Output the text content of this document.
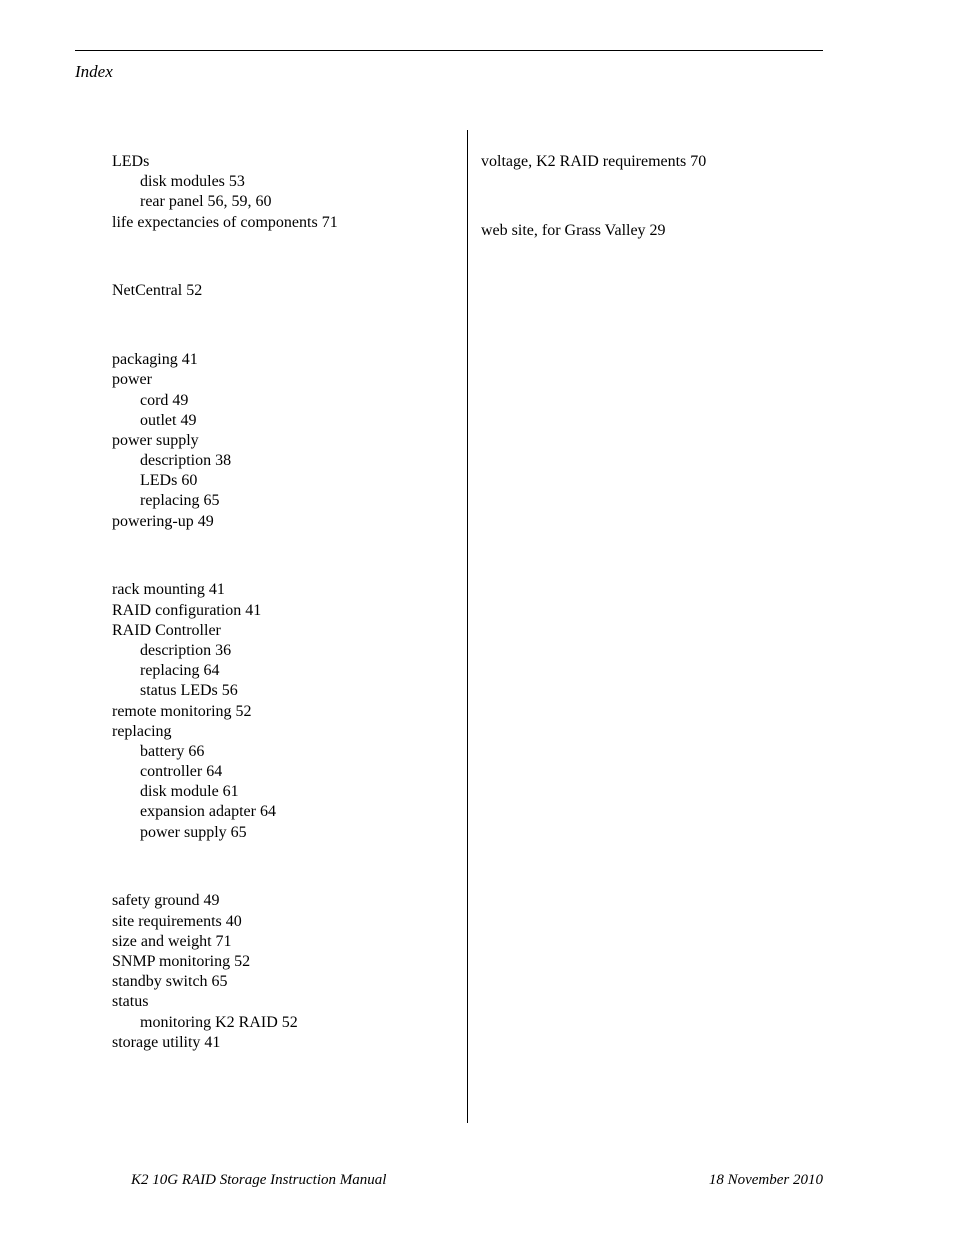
Index
LEDs
disk modules 53
rear panel 56, 59, 60
life expectancies of components 71
NetCentral 52
packaging 41
power
cord 49
outlet 49
power supply
description 38
LEDs 60
replacing 65
powering-up 49
rack mounting 41
RAID configuration 41
RAID Controller
description 36
replacing 64
status LEDs 56
remote monitoring 52
replacing
battery 66
controller 64
disk module 61
expansion adapter 64
power supply 65
safety ground 49
site requirements 40
size and weight 71
SNMP monitoring 52
standby switch 65
status
monitoring K2 RAID 52
storage utility 41
voltage, K2 RAID requirements 70
web site, for Grass Valley 29
K2 10G RAID Storage Instruction Manual	18 November 2010
